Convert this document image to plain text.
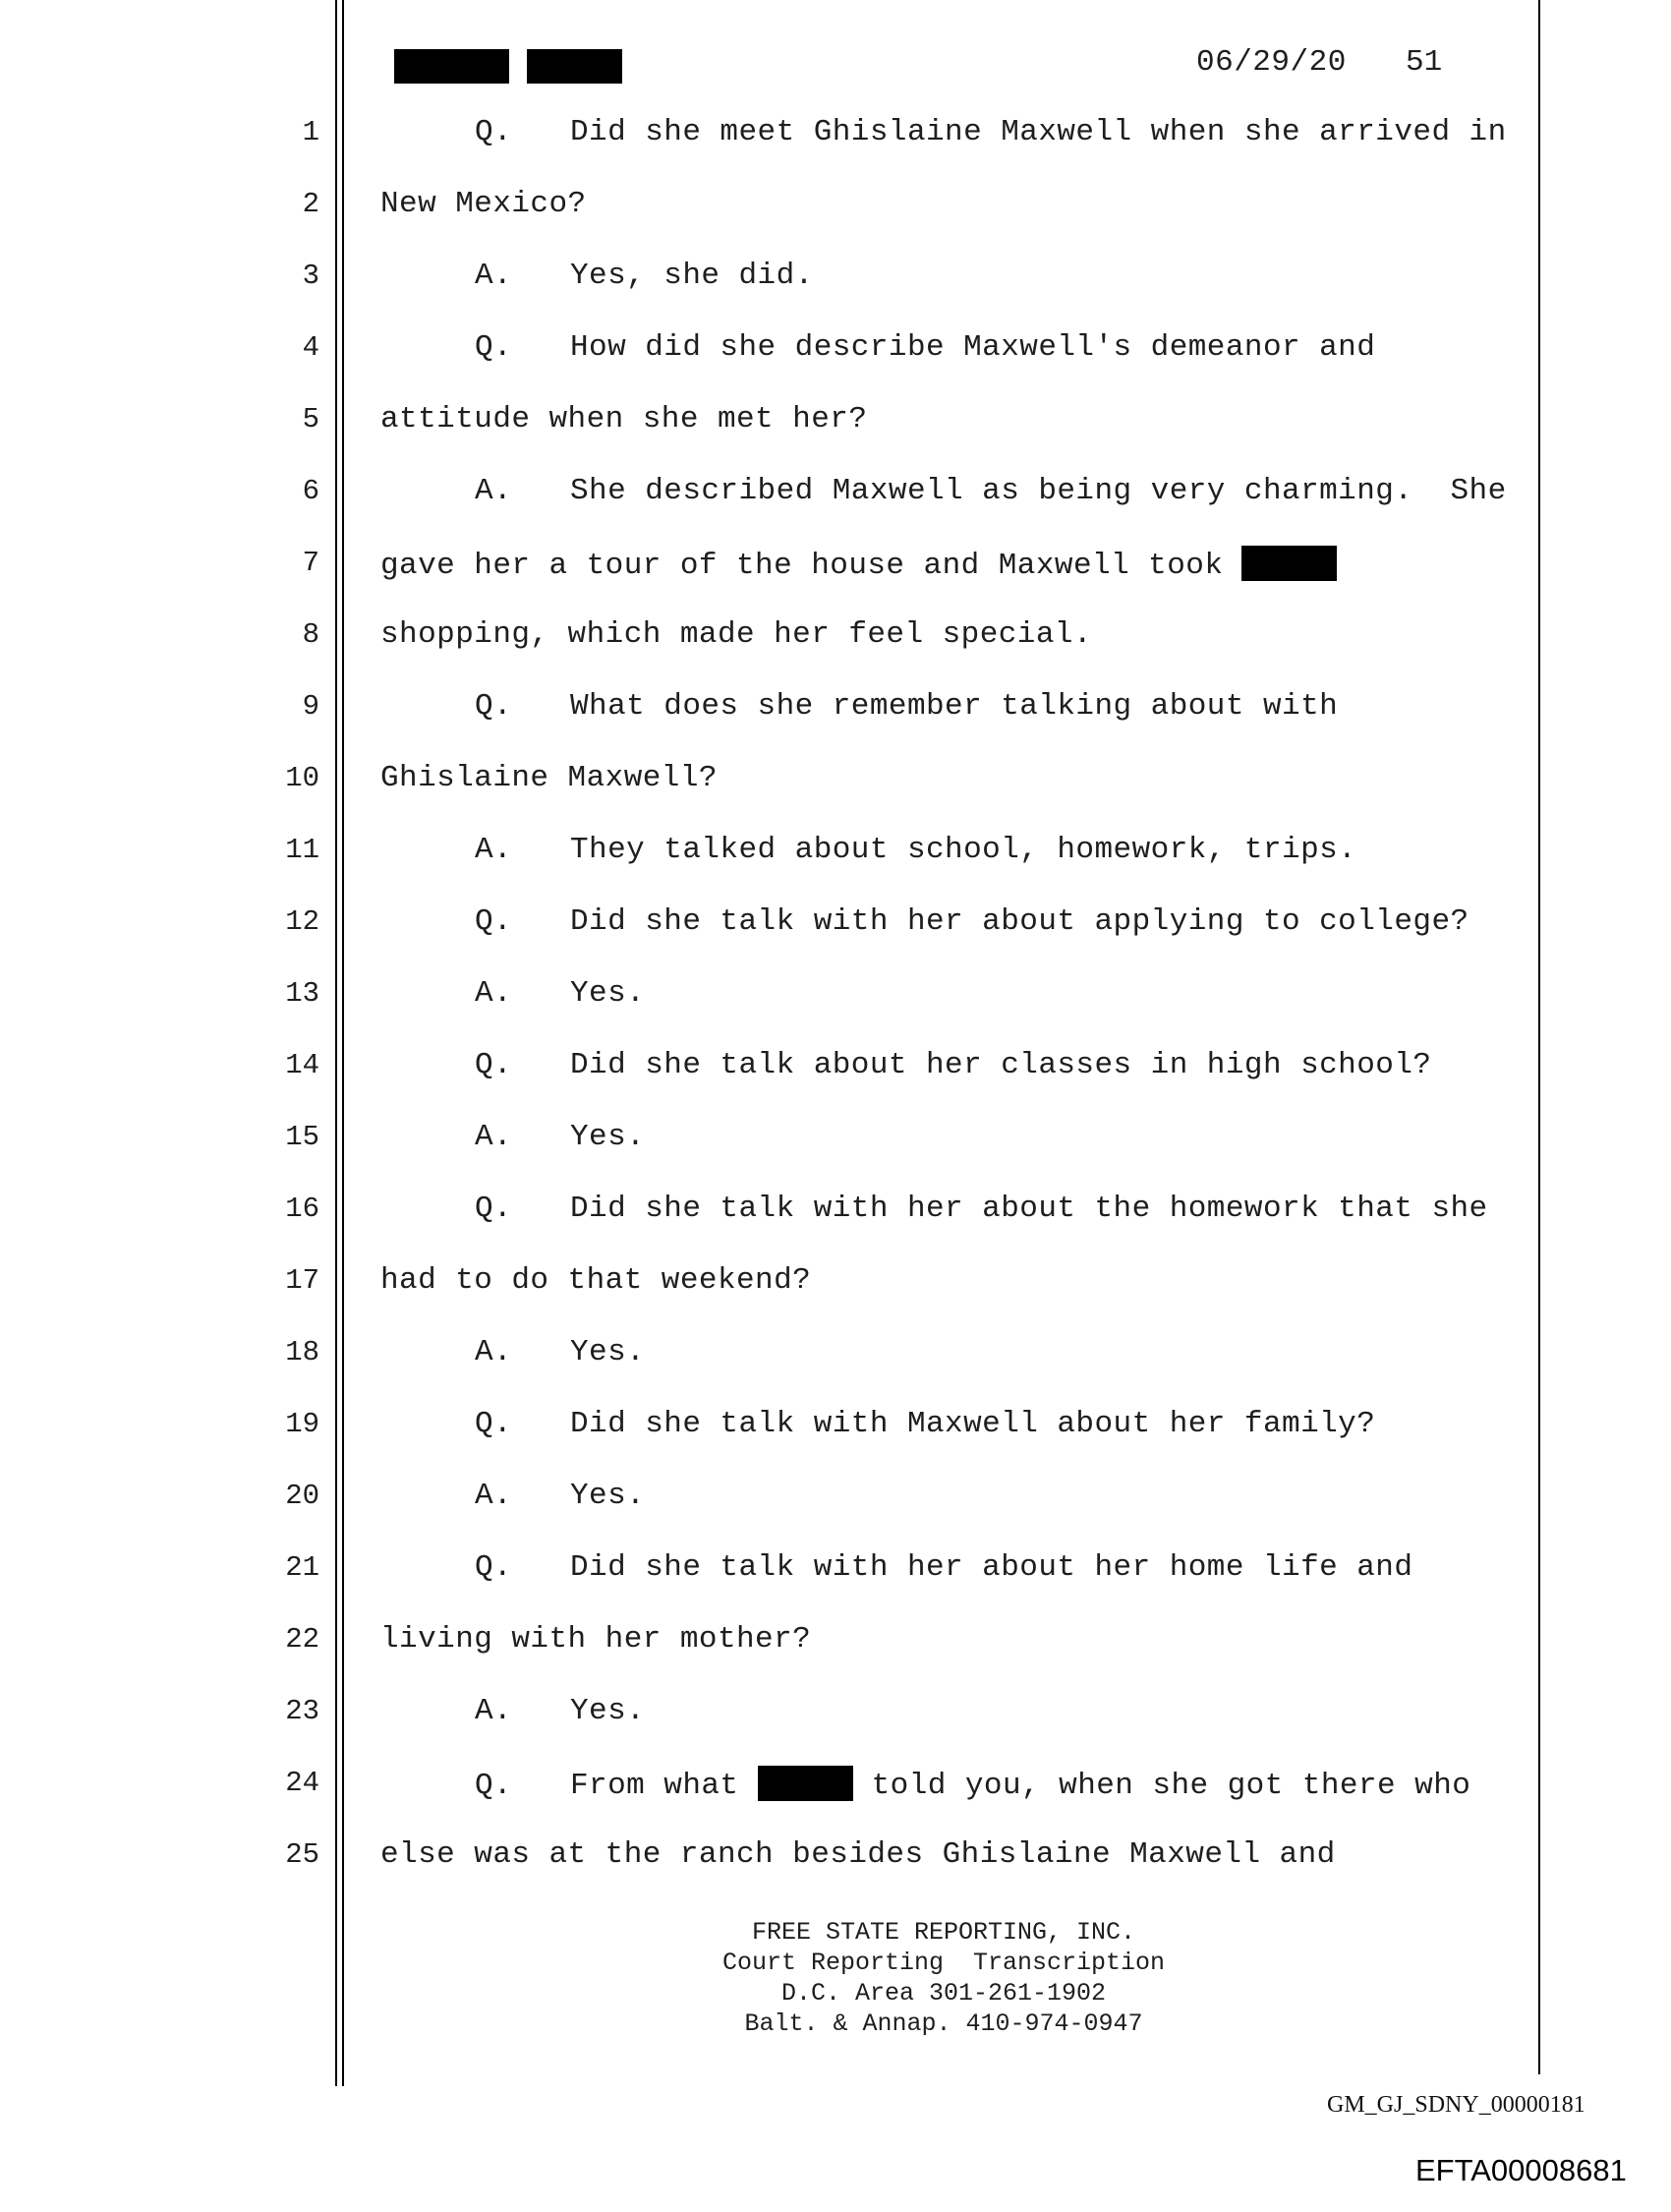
06/29/20 51
1
2
3
4
5
6
7
8
9
10
11
12
13
14
15
16
17
18
19
20
21
22
23
24
25
Q. Did she meet Ghislaine Maxwell when she arrived in
New Mexico?
A. Yes, she did.
Q. How did she describe Maxwell's demeanor and
attitude when she met her?
A. She described Maxwell as being very charming.  She
gave her a tour of the house and Maxwell took
shopping, which made her feel special.
Q. What does she remember talking about with
Ghislaine Maxwell?
A. They talked about school, homework, trips.
Q. Did she talk with her about applying to college?
A. Yes.
Q. Did she talk about her classes in high school?
A. Yes.
Q. Did she talk with her about the homework that she
had to do that weekend?
A. Yes.
Q. Did she talk with Maxwell about her family?
A. Yes.
Q. Did she talk with her about her home life and
living with her mother?
A. Yes.
Q. From what	told you, when she got there who
else was at the ranch besides Ghislaine Maxwell and
FREE STATE REPORTING, INC.
Court Reporting  Transcription
D.C. Area 301-261-1902
Balt. & Annap. 410-974-0947
GM_GJ_SDNY_00000181
EFTA00008681
